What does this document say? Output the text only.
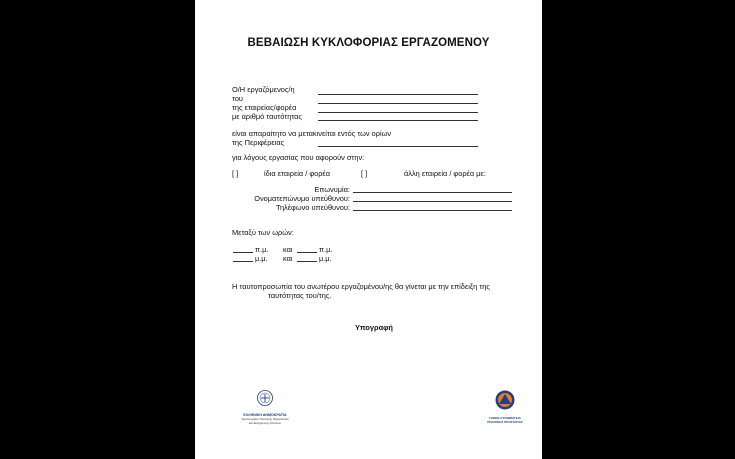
ΒΕΒΑΙΩΣΗ ΚΥΚΛΟΦΟΡΙΑΣ ΕΡΓΑΖΟΜΕΝΟΥ
Ο/Η εργαζόμενος/η
του
της εταιρείας/φορέα
με αριθμό ταυτότητας
είναι απαραίτητο να μετακινείται εντός των ορίων
της Περιφέρειας
για λόγους εργασίας που αφορούν στην:
[ ]	ίδια εταιρεία / φορέα	[ ]	άλλη εταιρεία / φορέα με:
Επωνυμία:
Ονοματεπώνυμο υπεύθυνου:
Τηλέφωνο υπεύθυνου:
Μεταξύ των ωρών:
π.μ. και	π.μ.
μ.μ. και	μ.μ.
Η ταυτοπροσωπία του ανωτέρου εργαζομένου/ης θα γίνεται με την επίδειξη της
ταυτότητας του/της.
Υπογραφή
ΕΛΛΗΝΙΚΗ ΔΗΜΟΚΡΑΤΙΑ
Υφυπουργείο Πολιτικής Προστασίας
και Διαχείρισης Κρίσεων
ΓΕΝΙΚΗ ΓΡΑΜΜΑΤΕΙΑ
ΠΟΛΙΤΙΚΗΣ ΠΡΟΣΤΑΣΙΑΣ
